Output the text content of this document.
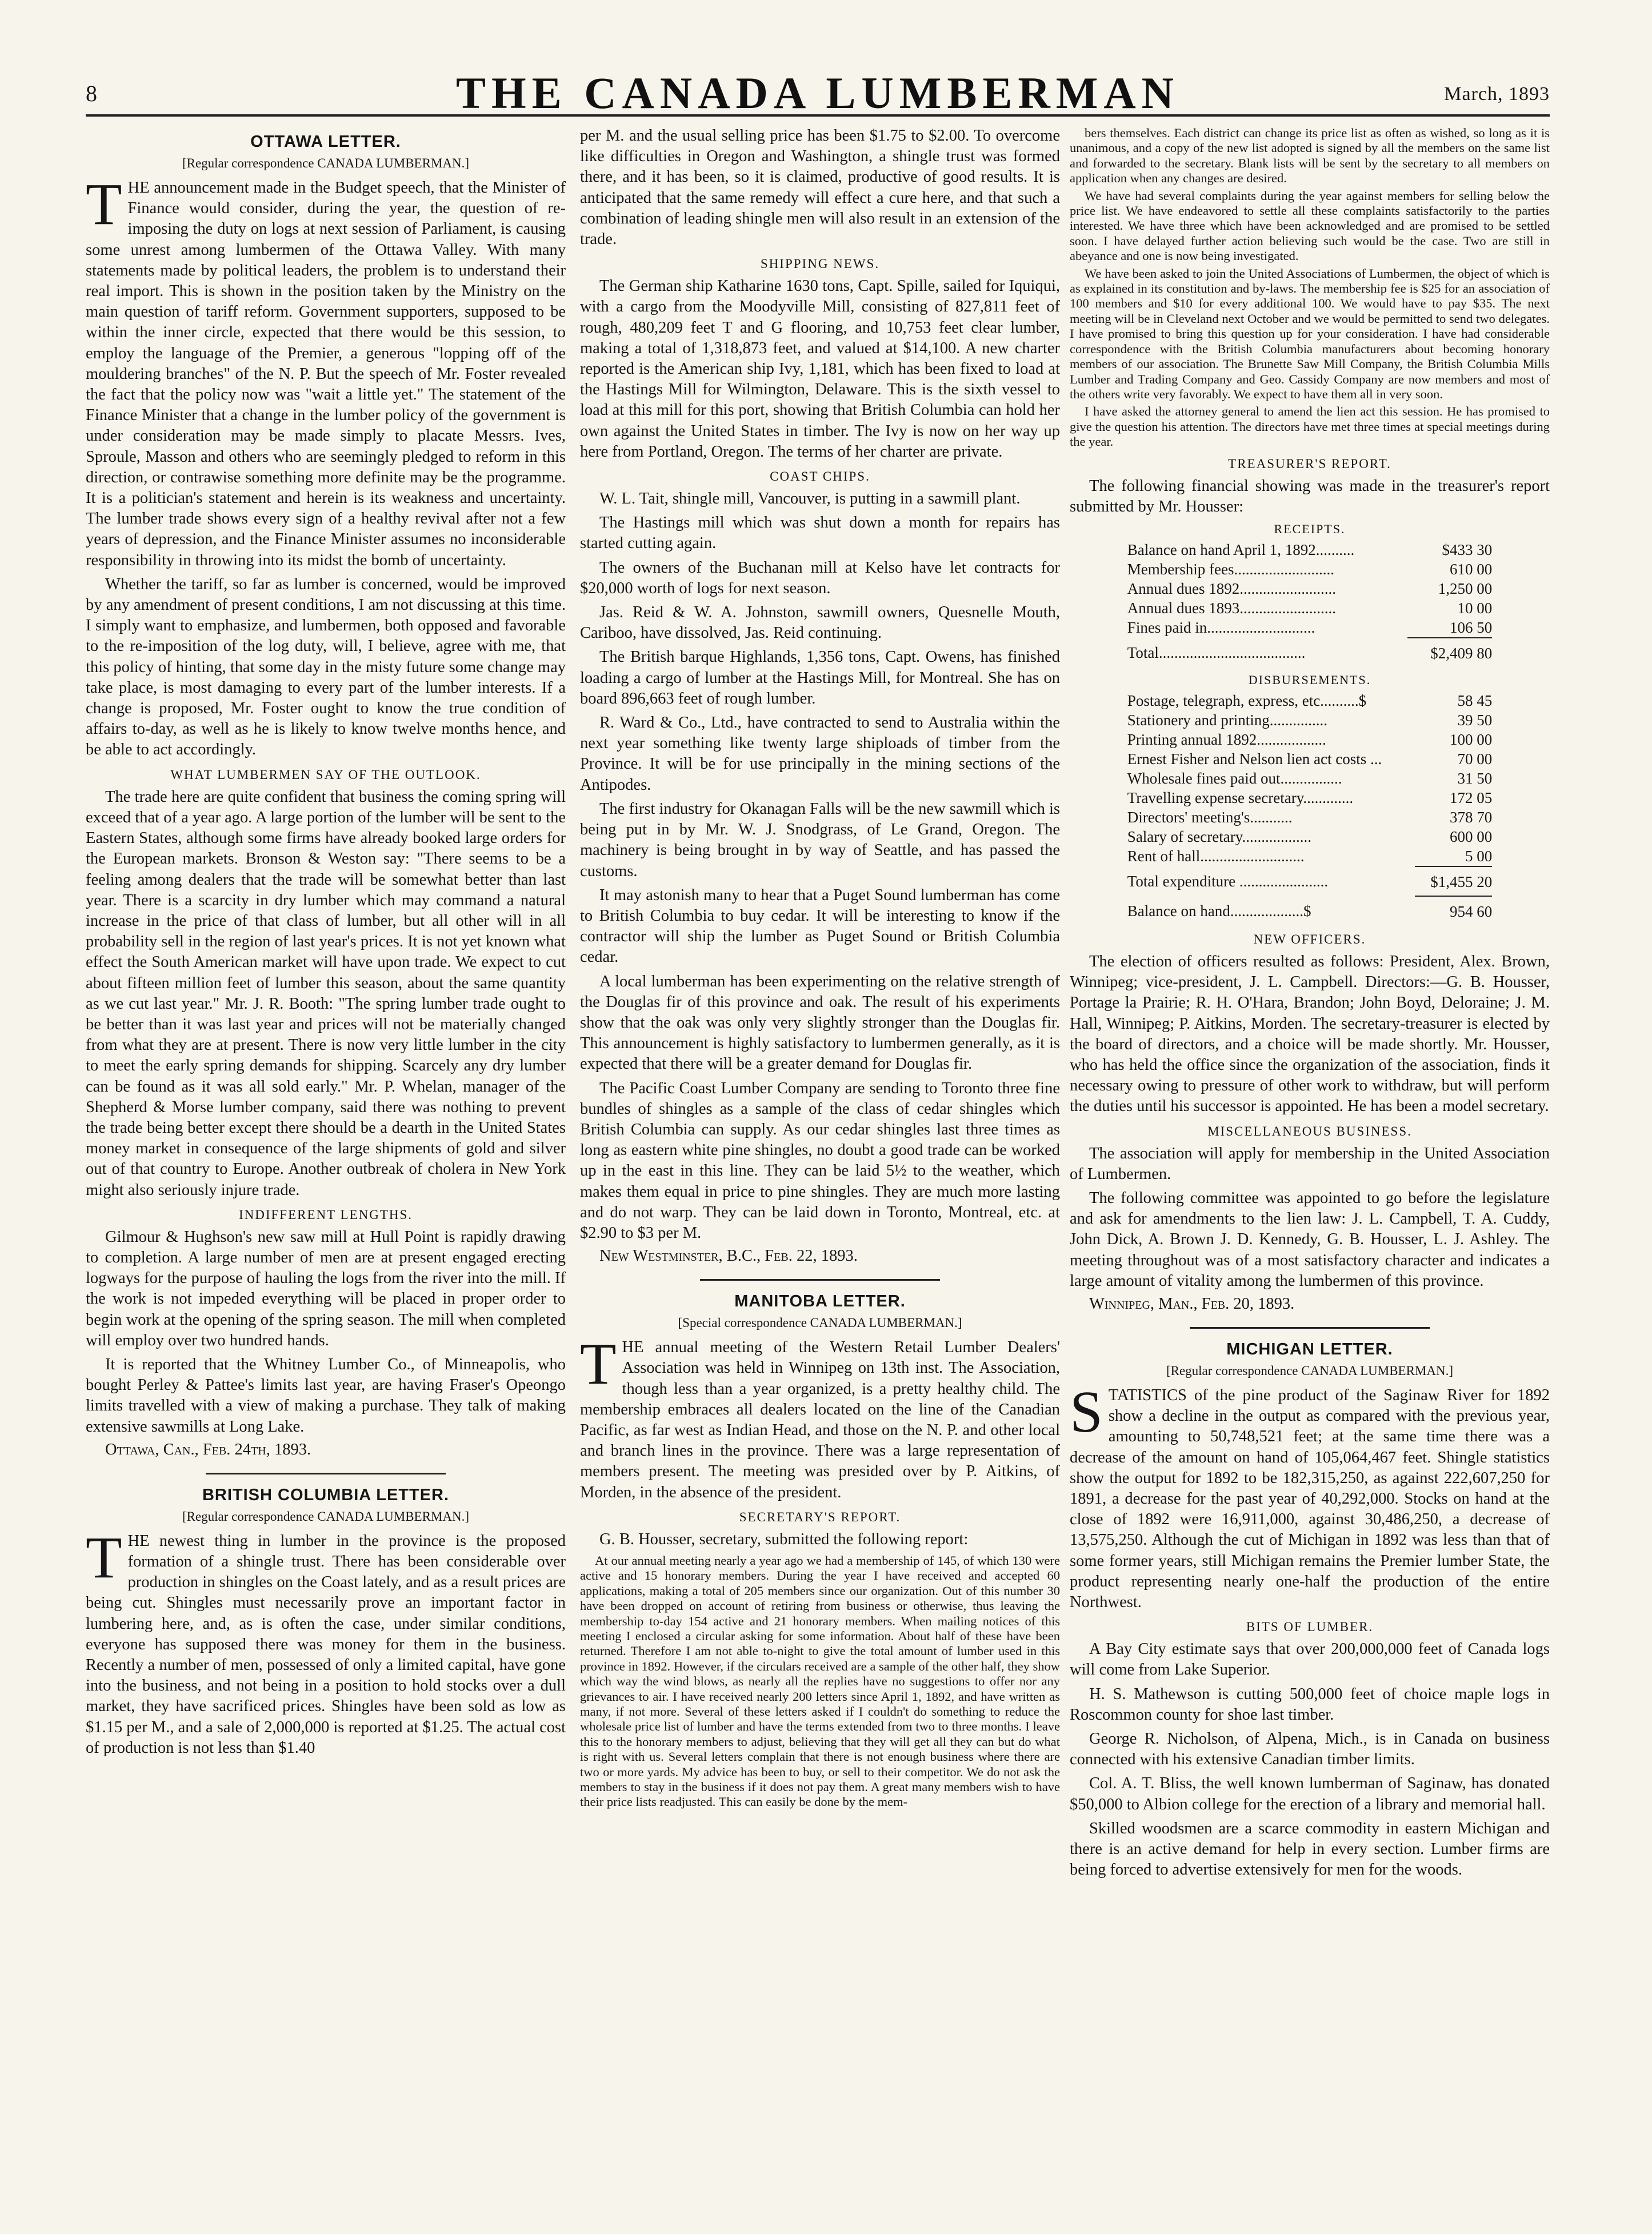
8	THE CANADA LUMBERMAN	March, 1893
OTTAWA LETTER.
[Regular correspondence CANADA LUMBERMAN.]

THE announcement made in the Budget speech, that the Minister of Finance would consider, during the year, the question of re-imposing the duty on logs at next session of Parliament, is causing some unrest among lumbermen of the Ottawa Valley. With many statements made by political leaders, the problem is to understand their real import. This is shown in the position taken by the Ministry on the main question of tariff reform. Government supporters, supposed to be within the inner circle, expected that there would be this session, to employ the language of the Premier, a generous "lopping off of the mouldering branches" of the N. P. But the speech of Mr. Foster revealed the fact that the policy now was "wait a little yet." The statement of the Finance Minister that a change in the lumber policy of the government is under consideration may be made simply to placate Messrs. Ives, Sproule, Masson and others who are seemingly pledged to reform in this direction, or contrawise something more definite may be the programme. It is a politician's statement and herein is its weakness and uncertainty. The lumber trade shows every sign of a healthy revival after not a few years of depression, and the Finance Minister assumes no inconsiderable responsibility in throwing into its midst the bomb of uncertainty.

Whether the tariff, so far as lumber is concerned, would be improved by any amendment of present conditions, I am not discussing at this time. I simply want to emphasize, and lumbermen, both opposed and favorable to the re-imposition of the log duty, will, I believe, agree with me, that this policy of hinting, that some day in the misty future some change may take place, is most damaging to every part of the lumber interests. If a change is proposed, Mr. Foster ought to know the true condition of affairs to-day, as well as he is likely to know twelve months hence, and be able to act accordingly.

WHAT LUMBERMEN SAY OF THE OUTLOOK.

The trade here are quite confident that business the coming spring will exceed that of a year ago. A large portion of the lumber will be sent to the Eastern States, although some firms have already booked large orders for the European markets. Bronson & Weston say: "There seems to be a feeling among dealers that the trade will be somewhat better than last year. There is a scarcity in dry lumber which may command a natural increase in the price of that class of lumber, but all other will in all probability sell in the region of last year's prices. It is not yet known what effect the South American market will have upon trade. We expect to cut about fifteen million feet of lumber this season, about the same quantity as we cut last year." Mr. J. R. Booth: "The spring lumber trade ought to be better than it was last year and prices will not be materially changed from what they are at present. There is now very little lumber in the city to meet the early spring demands for shipping. Scarcely any dry lumber can be found as it was all sold early." Mr. P. Whelan, manager of the Shepherd & Morse lumber company, said there was nothing to prevent the trade being better except there should be a dearth in the United States money market in consequence of the large shipments of gold and silver out of that country to Europe. Another outbreak of cholera in New York might also seriously injure trade.

INDIFFERENT LENGTHS.

Gilmour & Hughson's new saw mill at Hull Point is rapidly drawing to completion. A large number of men are at present engaged erecting logways for the purpose of hauling the logs from the river into the mill. If the work is not impeded everything will be placed in proper order to begin work at the opening of the spring season. The mill when completed will employ over two hundred hands.

It is reported that the Whitney Lumber Co., of Minneapolis, who bought Perley & Pattee's limits last year, are having Fraser's Opeongo limits travelled with a view of making a purchase. They talk of making extensive sawmills at Long Lake.

Ottawa, Can., Feb. 24th, 1893.
BRITISH COLUMBIA LETTER.
[Regular correspondence CANADA LUMBERMAN.]

THE newest thing in lumber in the province is the proposed formation of a shingle trust. There has been considerable over production in shingles on the Coast lately, and as a result prices are being cut. Shingles must necessarily prove an important factor in lumbering here, and, as is often the case, under similar conditions, everyone has supposed there was money for them in the business. Recently a number of men, possessed of only a limited capital, have gone into the business, and not being in a position to hold stocks over a dull market, they have sacrificed prices. Shingles have been sold as low as $1.15 per M., and a sale of 2,000,000 is reported at $1.25. The actual cost of production is not less than $1.40

per M. and the usual selling price has been $1.75 to $2.00. To overcome like difficulties in Oregon and Washington, a shingle trust was formed there, and it has been, so it is claimed, productive of good results. It is anticipated that the same remedy will effect a cure here, and that such a combination of leading shingle men will also result in an extension of the trade.

SHIPPING NEWS.

The German ship Katharine 1630 tons, Capt. Spille, sailed for Iquiqui, with a cargo from the Moodyville Mill, consisting of 827,811 feet of rough, 480,209 feet T and G flooring, and 10,753 feet clear lumber, making a total of 1,318,873 feet, and valued at $14,100. A new charter reported is the American ship Ivy, 1,181, which has been fixed to load at the Hastings Mill for Wilmington, Delaware. This is the sixth vessel to load at this mill for this port, showing that British Columbia can hold her own against the United States in timber. The Ivy is now on her way up here from Portland, Oregon. The terms of her charter are private.

COAST CHIPS.

W. L. Tait, shingle mill, Vancouver, is putting in a sawmill plant.

The Hastings mill which was shut down a month for repairs has started cutting again.

The owners of the Buchanan mill at Kelso have let contracts for $20,000 worth of logs for next season.

Jas. Reid & W. A. Johnston, sawmill owners, Quesnelle Mouth, Cariboo, have dissolved, Jas. Reid continuing.

The British barque Highlands, 1,356 tons, Capt. Owens, has finished loading a cargo of lumber at the Hastings Mill, for Montreal. She has on board 896,663 feet of rough lumber.

R. Ward & Co., Ltd., have contracted to send to Australia within the next year something like twenty large shiploads of timber from the Province. It will be for use principally in the mining sections of the Antipodes.

The first industry for Okanagan Falls will be the new sawmill which is being put in by Mr. W. J. Snodgrass, of Le Grand, Oregon. The machinery is being brought in by way of Seattle, and has passed the customs.

It may astonish many to hear that a Puget Sound lumberman has come to British Columbia to buy cedar. It will be interesting to know if the contractor will ship the lumber as Puget Sound or British Columbia cedar.

A local lumberman has been experimenting on the relative strength of the Douglas fir of this province and oak. The result of his experiments show that the oak was only very slightly stronger than the Douglas fir. This announcement is highly satisfactory to lumbermen generally, as it is expected that there will be a greater demand for Douglas fir.

The Pacific Coast Lumber Company are sending to Toronto three fine bundles of shingles as a sample of the class of cedar shingles which British Columbia can supply. As our cedar shingles last three times as long as eastern white pine shingles, no doubt a good trade can be worked up in the east in this line. They can be laid 5½ to the weather, which makes them equal in price to pine shingles. They are much more lasting and do not warp. They can be laid down in Toronto, Montreal, etc. at $2.90 to $3 per M.

New Westminster, B.C., Feb. 22, 1893.
MANITOBA LETTER.
[Special correspondence CANADA LUMBERMAN.]

THE annual meeting of the Western Retail Lumber Dealers' Association was held in Winnipeg on 13th inst. The Association, though less than a year organized, is a pretty healthy child. The membership embraces all dealers located on the line of the Canadian Pacific, as far west as Indian Head, and those on the N. P. and other local and branch lines in the province. There was a large representation of members present. The meeting was presided over by P. Aitkins, of Morden, in the absence of the president.

SECRETARY'S REPORT.

G. B. Housser, secretary, submitted the following report:

At our annual meeting nearly a year ago we had a membership of 145, of which 130 were active and 15 honorary members. During the year I have received and accepted 60 applications, making a total of 205 members since our organization. Out of this number 30 have been dropped on account of retiring from business or otherwise, thus leaving the membership to-day 154 active and 21 honorary members. When mailing notices of this meeting I enclosed a circular asking for some information. About half of these have been returned. Therefore I am not able to-night to give the total amount of lumber used in this province in 1892. However, if the circulars received are a sample of the other half, they show which way the wind blows, as nearly all the replies have no suggestions to offer nor any grievances to air. I have received nearly 200 letters since April 1, 1892, and have written as many, if not more. Several of these letters asked if I couldn't do something to reduce the wholesale price list of lumber and have the terms extended from two to three months. I leave this to the honorary members to adjust, believing that they will get all they can but do what is right with us. Several letters complain that there is not enough business where there are two or more yards. My advice has been to buy, or sell to their competitor. We do not ask the members to stay in the business if it does not pay them. A great many members wish to have their price lists readjusted. This can easily be done by the mem-

bers themselves. Each district can change its price list as often as wished, so long as it is unanimous, and a copy of the new list adopted is signed by all the members on the same list and forwarded to the secretary. Blank lists will be sent by the secretary to all members on application when any changes are desired.

We have had several complaints during the year against members for selling below the price list. We have endeavored to settle all these complaints satisfactorily to the parties interested. We have three which have been acknowledged and are promised to be settled soon. I have delayed further action believing such would be the case. Two are still in abeyance and one is now being investigated.

We have been asked to join the United Associations of Lumbermen, the object of which is as explained in its constitution and by-laws. The membership fee is $25 for an association of 100 members and $10 for every additional 100. We would have to pay $35. The next meeting will be in Cleveland next October and we would be permitted to send two delegates. I have promised to bring this question up for your consideration. I have had considerable correspondence with the British Columbia manufacturers about becoming honorary members of our association. The Brunette Saw Mill Company, the British Columbia Mills Lumber and Trading Company and Geo. Cassidy Company are now members and most of the others write very favorably. We expect to have them all in very soon.

I have asked the attorney general to amend the lien act this session. He has promised to give the question his attention. The directors have met three times at special meetings during the year.

TREASURER'S REPORT.

The following financial showing was made in the treasurer's report submitted by Mr. Housser:

RECEIPTS.
Balance on hand April 1, 1892..........	$433 30
Membership fees..........................	610 00
Annual dues 1892.........................	1,250 00
Annual dues 1893.........................	10 00
Fines paid in............................	106 50
Total......................................	$2,409 80
DISBURSEMENTS.
Postage, telegraph, express, etc..........$	58 45
Stationery and printing...............	39 50
Printing annual 1892..................	100 00
Ernest Fisher and Nelson lien act costs ...	70 00
Wholesale fines paid out................	31 50
Travelling expense secretary.............	172 05
Directors' meeting's...........	378 70
Salary of secretary..................	600 00
Rent of hall...........................	5 00
Total expenditure .......................	$1,455 20
Balance on hand...................$	954 60
NEW OFFICERS.

The election of officers resulted as follows: President, Alex. Brown, Winnipeg; vice-president, J. L. Campbell. Directors:—G. B. Housser, Portage la Prairie; R. H. O'Hara, Brandon; John Boyd, Deloraine; J. M. Hall, Winnipeg; P. Aitkins, Morden. The secretary-treasurer is elected by the board of directors, and a choice will be made shortly. Mr. Housser, who has held the office since the organization of the association, finds it necessary owing to pressure of other work to withdraw, but will perform the duties until his successor is appointed. He has been a model secretary.

MISCELLANEOUS BUSINESS.

The association will apply for membership in the United Association of Lumbermen.

The following committee was appointed to go before the legislature and ask for amendments to the lien law: J. L. Campbell, T. A. Cuddy, John Dick, A. Brown J. D. Kennedy, G. B. Housser, L. J. Ashley. The meeting throughout was of a most satisfactory character and indicates a large amount of vitality among the lumbermen of this province.

Winnipeg, Man., Feb. 20, 1893.
MICHIGAN LETTER.
[Regular correspondence CANADA LUMBERMAN.]

STATISTICS of the pine product of the Saginaw River for 1892 show a decline in the output as compared with the previous year, amounting to 50,748,521 feet; at the same time there was a decrease of the amount on hand of 105,064,467 feet. Shingle statistics show the output for 1892 to be 182,315,250, as against 222,607,250 for 1891, a decrease for the past year of 40,292,000. Stocks on hand at the close of 1892 were 16,911,000, against 30,486,250, a decrease of 13,575,250. Although the cut of Michigan in 1892 was less than that of some former years, still Michigan remains the Premier lumber State, the product representing nearly one-half the production of the entire Northwest.

BITS OF LUMBER.

A Bay City estimate says that over 200,000,000 feet of Canada logs will come from Lake Superior.

H. S. Mathewson is cutting 500,000 feet of choice maple logs in Roscommon county for shoe last timber.

George R. Nicholson, of Alpena, Mich., is in Canada on business connected with his extensive Canadian timber limits.

Col. A. T. Bliss, the well known lumberman of Saginaw, has donated $50,000 to Albion college for the erection of a library and memorial hall.

Skilled woodsmen are a scarce commodity in eastern Michigan and there is an active demand for help in every section. Lumber firms are being forced to advertise extensively for men for the woods.
